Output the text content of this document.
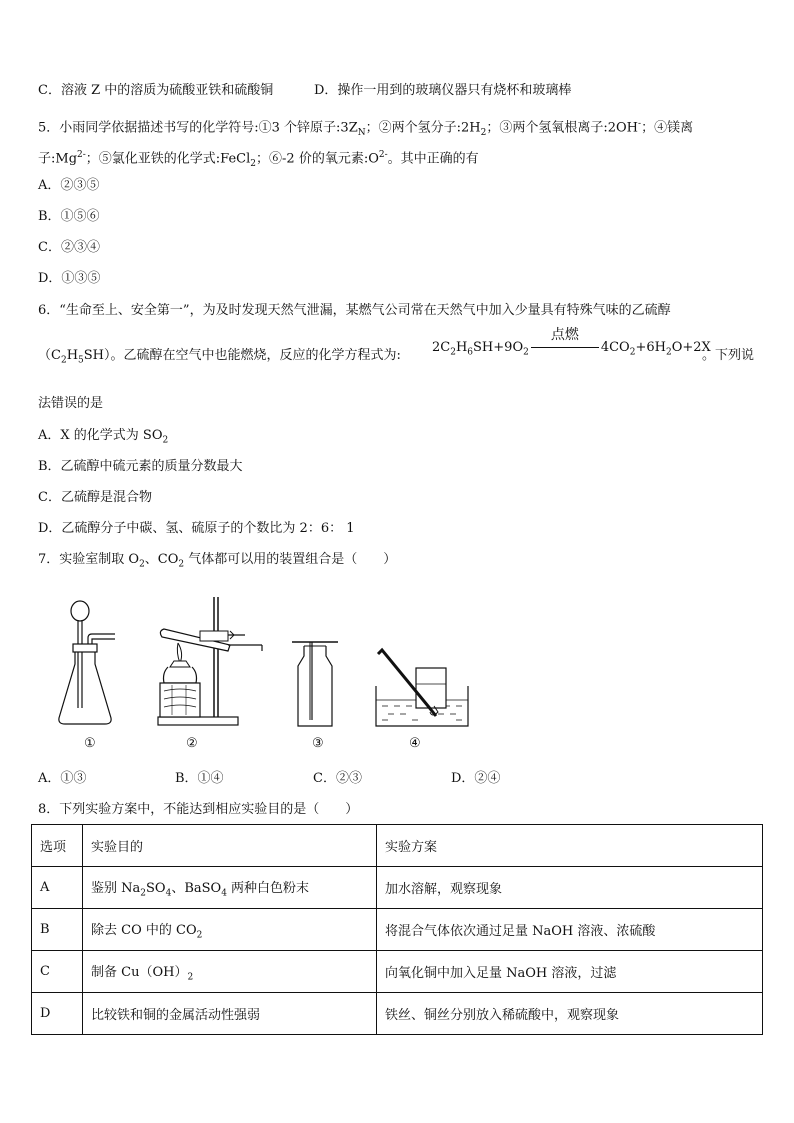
C．溶液 Z 中的溶质为硫酸亚铁和硫酸铜	D．操作一用到的玻璃仪器只有烧杯和玻璃棒
5．小雨同学依据描述书写的化学符号:①3 个锌原子$:3Z_N$；②两个氢分子$:2H_2$；③两个氢氧根离子:2OH-；④镁离
子$:Mg^{2-}$；⑤氯化亚铁的化学式:FeCl$_2$；⑥-2 价的氧元素$:O^{2-}$。其中正确的有
A．②③⑤
B．①⑤⑥
C．②③④
D．①③⑤
6．“生命至上、安全第一”，为及时发现天然气泄漏，某燃气公司常在天然气中加入少量具有特殊气味的乙硫醇
$(C_2H_5SH)$。乙硫醇在空气中也能燃烧，反应的化学方程式为:
$2C_2H_6SH+9O_2$
点燃
$4CO_2+6H_2O+2X$
。下列说
法错误的是
A．X 的化学式为 $SO_2$
B．乙硫醇中硫元素的质量分数最大
C．乙硫醇是混合物
D．乙硫醇分子中碳、氢、硫原子的个数比为 2：6： 1
7．实验室制取 $O_2$、$CO_2$ 气体都可以用的装置组合是（　　）
①	②	③	④
A．①③	B．①④	C．②③	D．②④
8．下列实验方案中，不能达到相应实验目的是（　　）
选项	实验目的	实验方案
A	鉴别 $Na_2SO_4$、BaSO$_4$ 两种白色粉末	加水溶解，观察现象
B	除去 CO 中的 $CO_2$	将混合气体依次通过足量 NaOH 溶液、浓硫酸
C	制备 $Cu(OH)_2$	向氧化铜中加入足量 NaOH 溶液，过滤
D	比较铁和铜的金属活动性强弱	铁丝、铜丝分别放入稀硫酸中，观察现象
